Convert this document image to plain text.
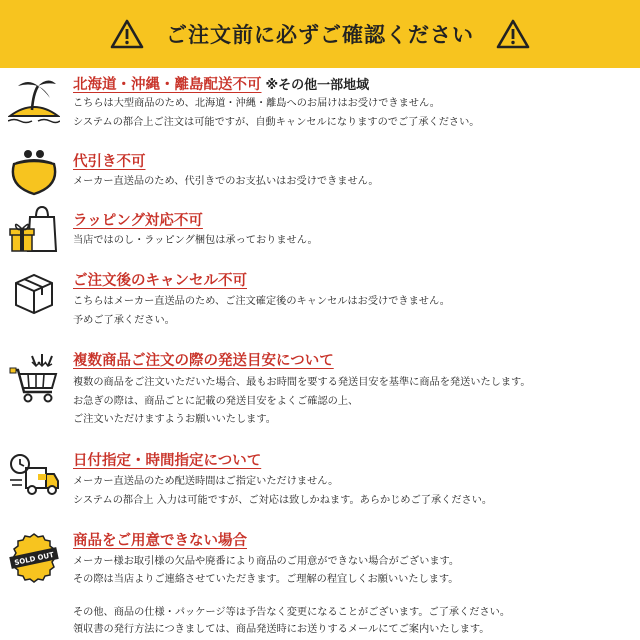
ご注文前に必ずご確認ください
北海道・沖縄・離島配送不可 ※その他一部地域
こちらは大型商品のため、北海道・沖縄・離島へのお届けはお受けできません。
システムの都合上ご注文は可能ですが、自動キャンセルになりますのでご了承ください。
代引き不可
メーカー直送品のため、代引きでのお支払いはお受けできません。
ラッピング対応不可
当店ではのし・ラッピング梱包は承っておりません。
ご注文後のキャンセル不可
こちらはメーカー直送品のため、ご注文確定後のキャンセルはお受けできません。
予めご了承ください。
複数商品ご注文の際の発送目安について
複数の商品をご注文いただいた場合、最もお時間を要する発送目安を基準に商品を発送いたします。
お急ぎの際は、商品ごとに記載の発送目安をよくご確認の上、
ご注文いただけますようお願いいたします。
日付指定・時間指定について
メーカー直送品のため配送時間はご指定いただけません。
システムの都合上 入力は可能ですが、ご対応は致しかねます。あらかじめご了承ください。
SOLD OUT
商品をご用意できない場合
メーカー様お取引様の欠品や廃番により商品のご用意ができない場合がございます。
その際は当店よりご連絡させていただきます。ご理解の程宜しくお願いいたします。
その他、商品の仕様・パッケージ等は予告なく変更になることがございます。ご了承ください。
領収書の発行方法につきましては、商品発送時にお送りするメールにてご案内いたします。
